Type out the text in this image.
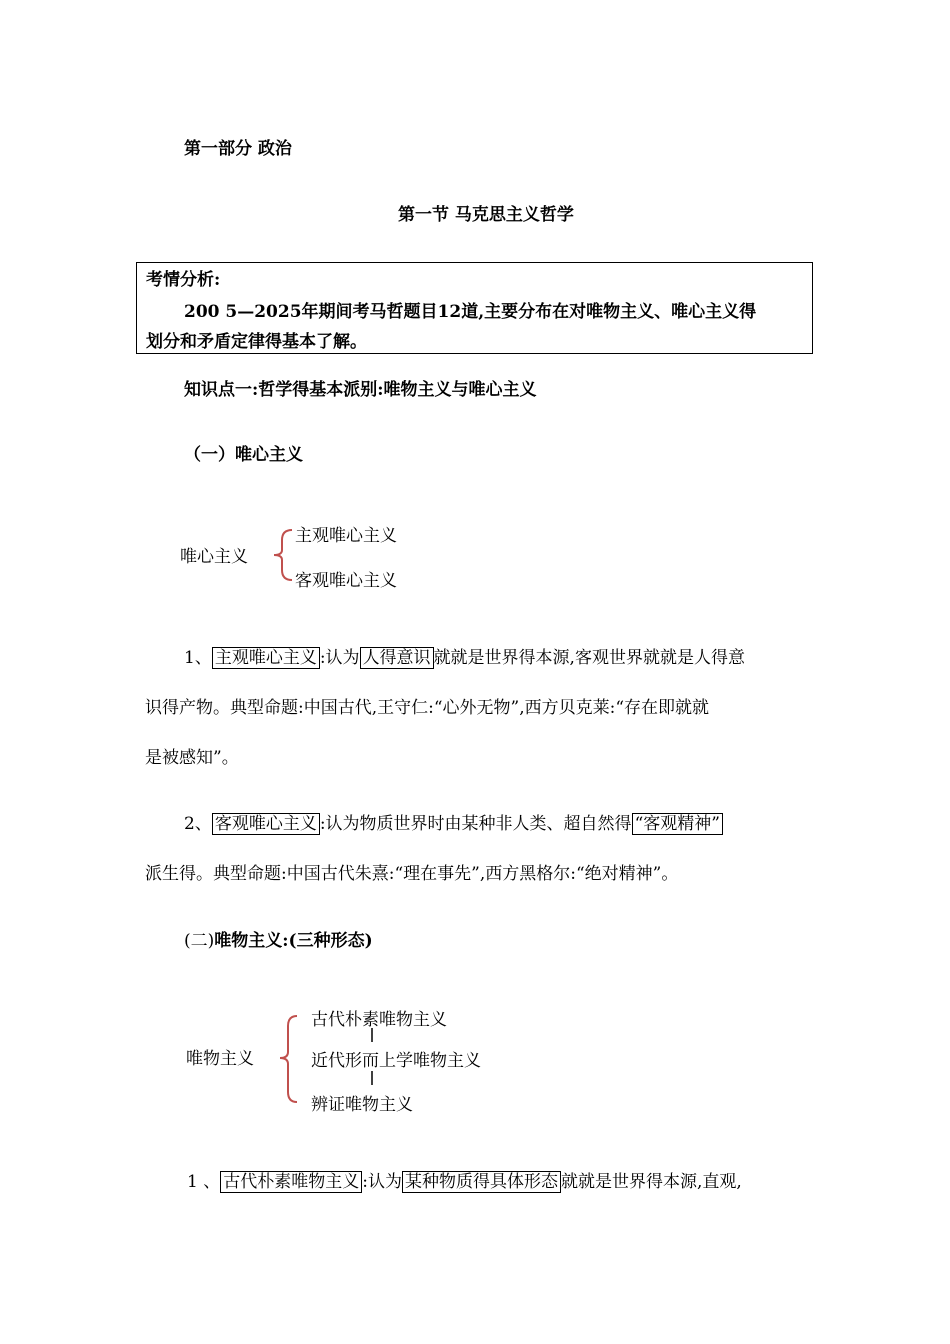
第一部分 政治
第一节 马克思主义哲学
考情分析:
200 5—2025年期间考马哲题目12道,主要分布在对唯物主义、唯心主义得
划分和矛盾定律得基本了解。
知识点一:哲学得基本派别:唯物主义与唯心主义
（一）唯心主义
唯心主义
主观唯心主义
客观唯心主义
1、 主观唯心主义 :认为 人得意识 就就是世界得本源,客观世界就就是人得意
识得产物。典型命题:中国古代,王守仁:“心外无物”,西方贝克莱:“存在即就就
是被感知”。
2、 客观唯心主义 :认为物质世界时由某种非人类、超自然得 “客观精神”
派生得。典型命题:中国古代朱熹:“理在事先”,西方黑格尔:“绝对精神”。
(二)唯物主义:(三种形态)
唯物主义
古代朴素唯物主义
近代形而上学唯物主义
辨证唯物主义
1 、 古代朴素唯物主义 :认为 某种物质得具体形态 就就是世界得本源,直观,
